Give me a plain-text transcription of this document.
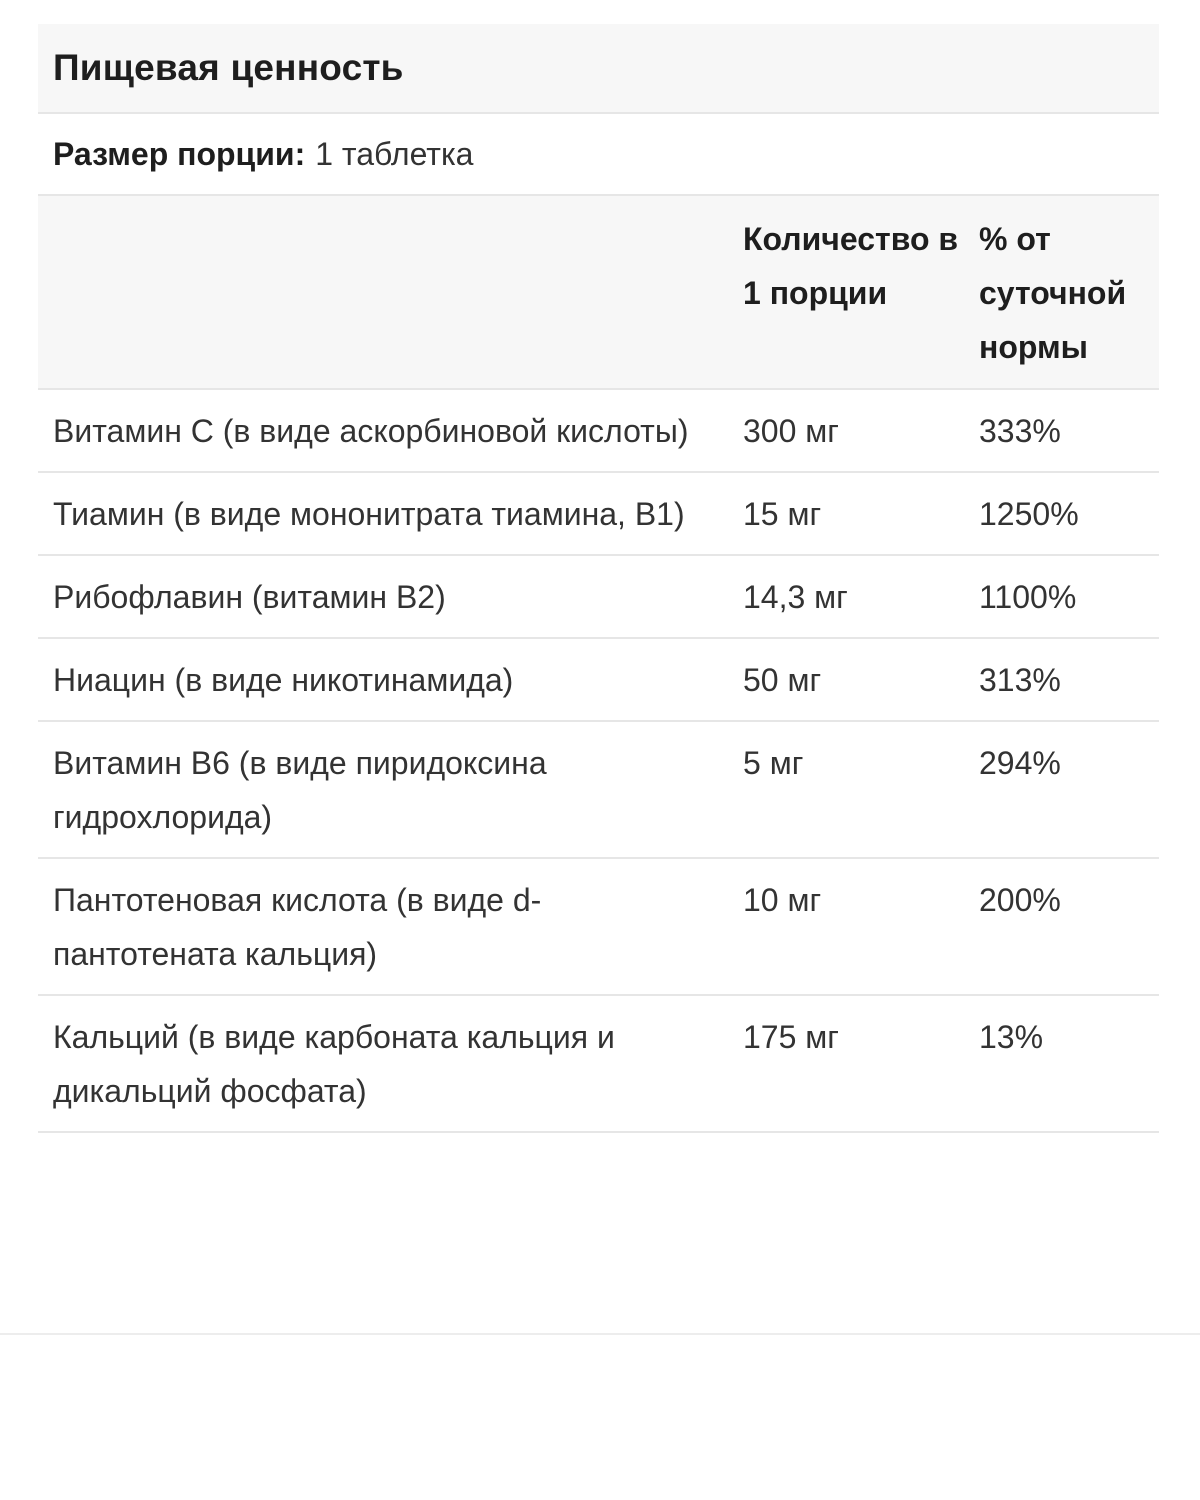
Пищевая ценность
Размер порции: 1 таблетка
	Количество в 1 порции	% от суточной нормы
Витамин С (в виде аскорбиновой кислоты)	300 мг	333%
Тиамин (в виде мононитрата тиамина, B1)	15 мг	1250%
Рибофлавин (витамин B2)	14,3 мг	1100%
Ниацин (в виде никотинамида)	50 мг	313%
Витамин B6 (в виде пиридоксина гидрохлорида)	5 мг	294%
Пантотеновая кислота (в виде d-пантотената кальция)	10 мг	200%
Кальций (в виде карбоната кальция и дикальций фосфата)	175 мг	13%
